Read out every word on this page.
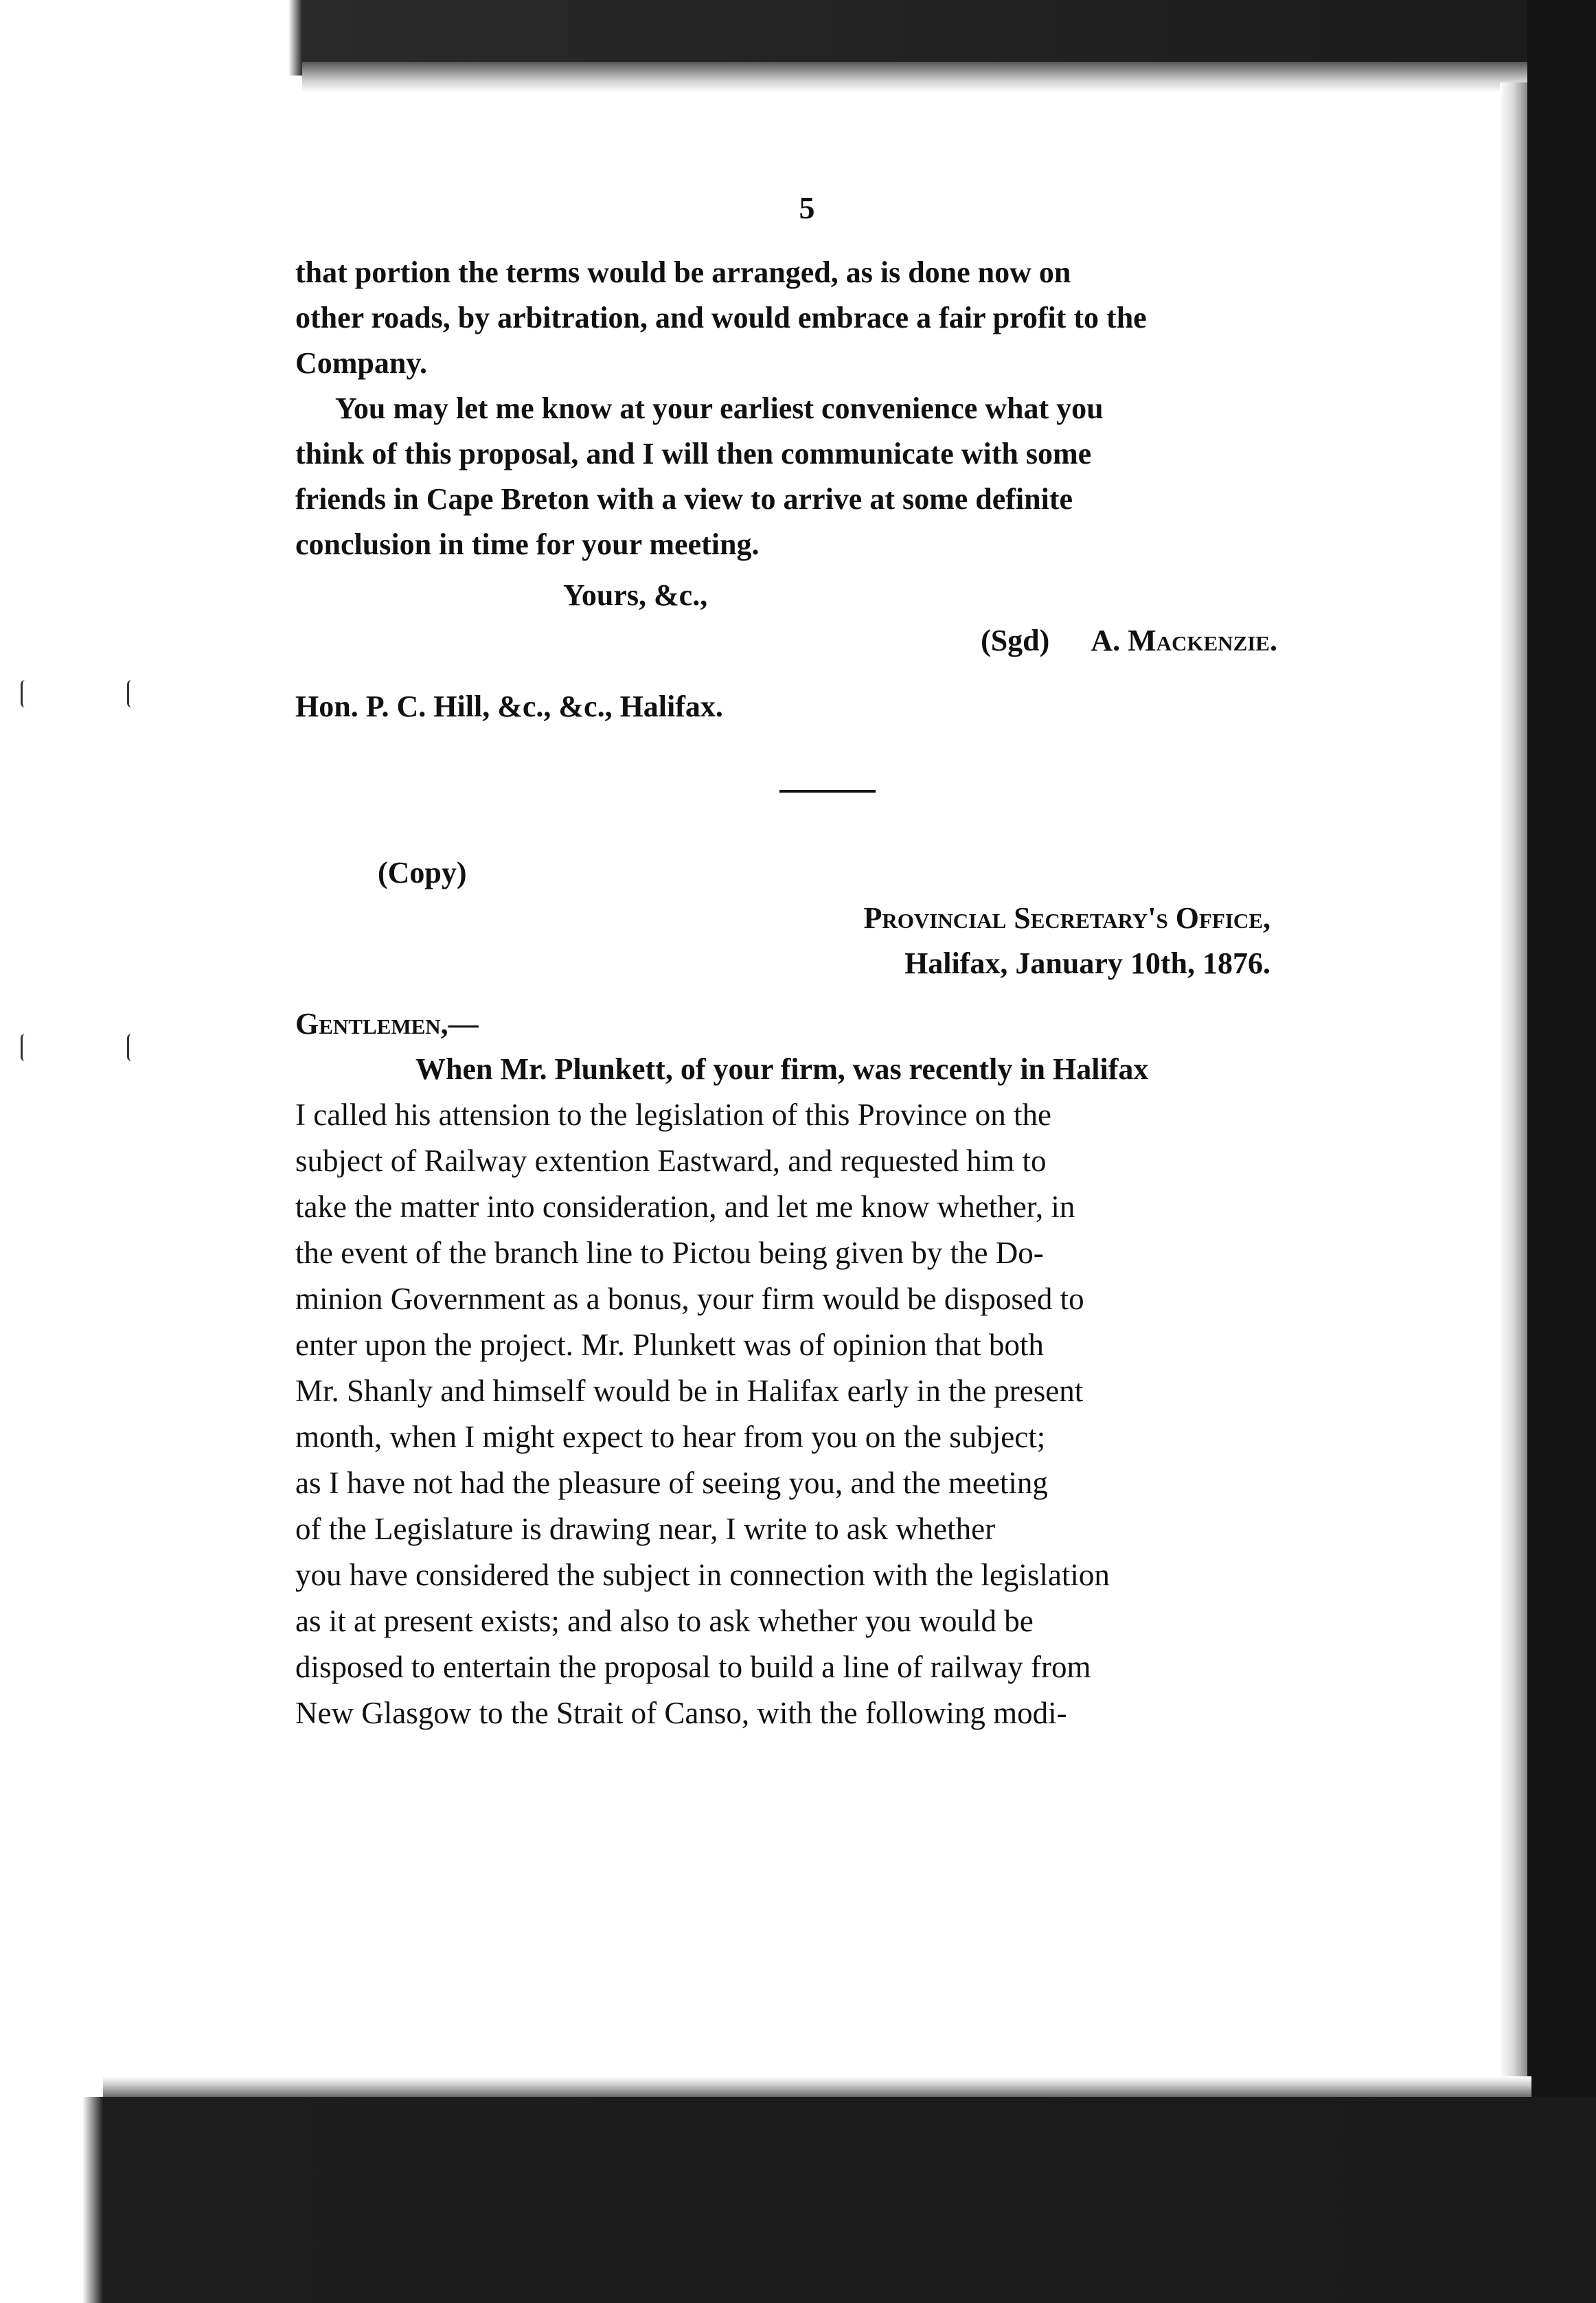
5
that portion the terms would be arranged, as is done now on
other roads, by arbitration, and would embrace a fair profit to the
Company.
You may let me know at your earliest convenience what you
think of this proposal, and I will then communicate with some
friends in Cape Breton with a view to arrive at some definite
conclusion in time for your meeting.
Yours, &c.,
(Sgd) A. Mackenzie.
Hon. P. C. Hill, &c., &c., Halifax.
(Copy)
Provincial Secretary's Office,
Halifax, January 10th, 1876.
Gentlemen,—
When Mr. Plunkett, of your firm, was recently in Halifax
I called his attension to the legislation of this Province on the
subject of Railway extention Eastward, and requested him to
take the matter into consideration, and let me know whether, in
the event of the branch line to Pictou being given by the Do-
minion Government as a bonus, your firm would be disposed to
enter upon the project. Mr. Plunkett was of opinion that both
Mr. Shanly and himself would be in Halifax early in the present
month, when I might expect to hear from you on the subject;
as I have not had the pleasure of seeing you, and the meeting
of the Legislature is drawing near, I write to ask whether
you have considered the subject in connection with the legislation
as it at present exists; and also to ask whether you would be
disposed to entertain the proposal to build a line of railway from
New Glasgow to the Strait of Canso, with the following modi-
